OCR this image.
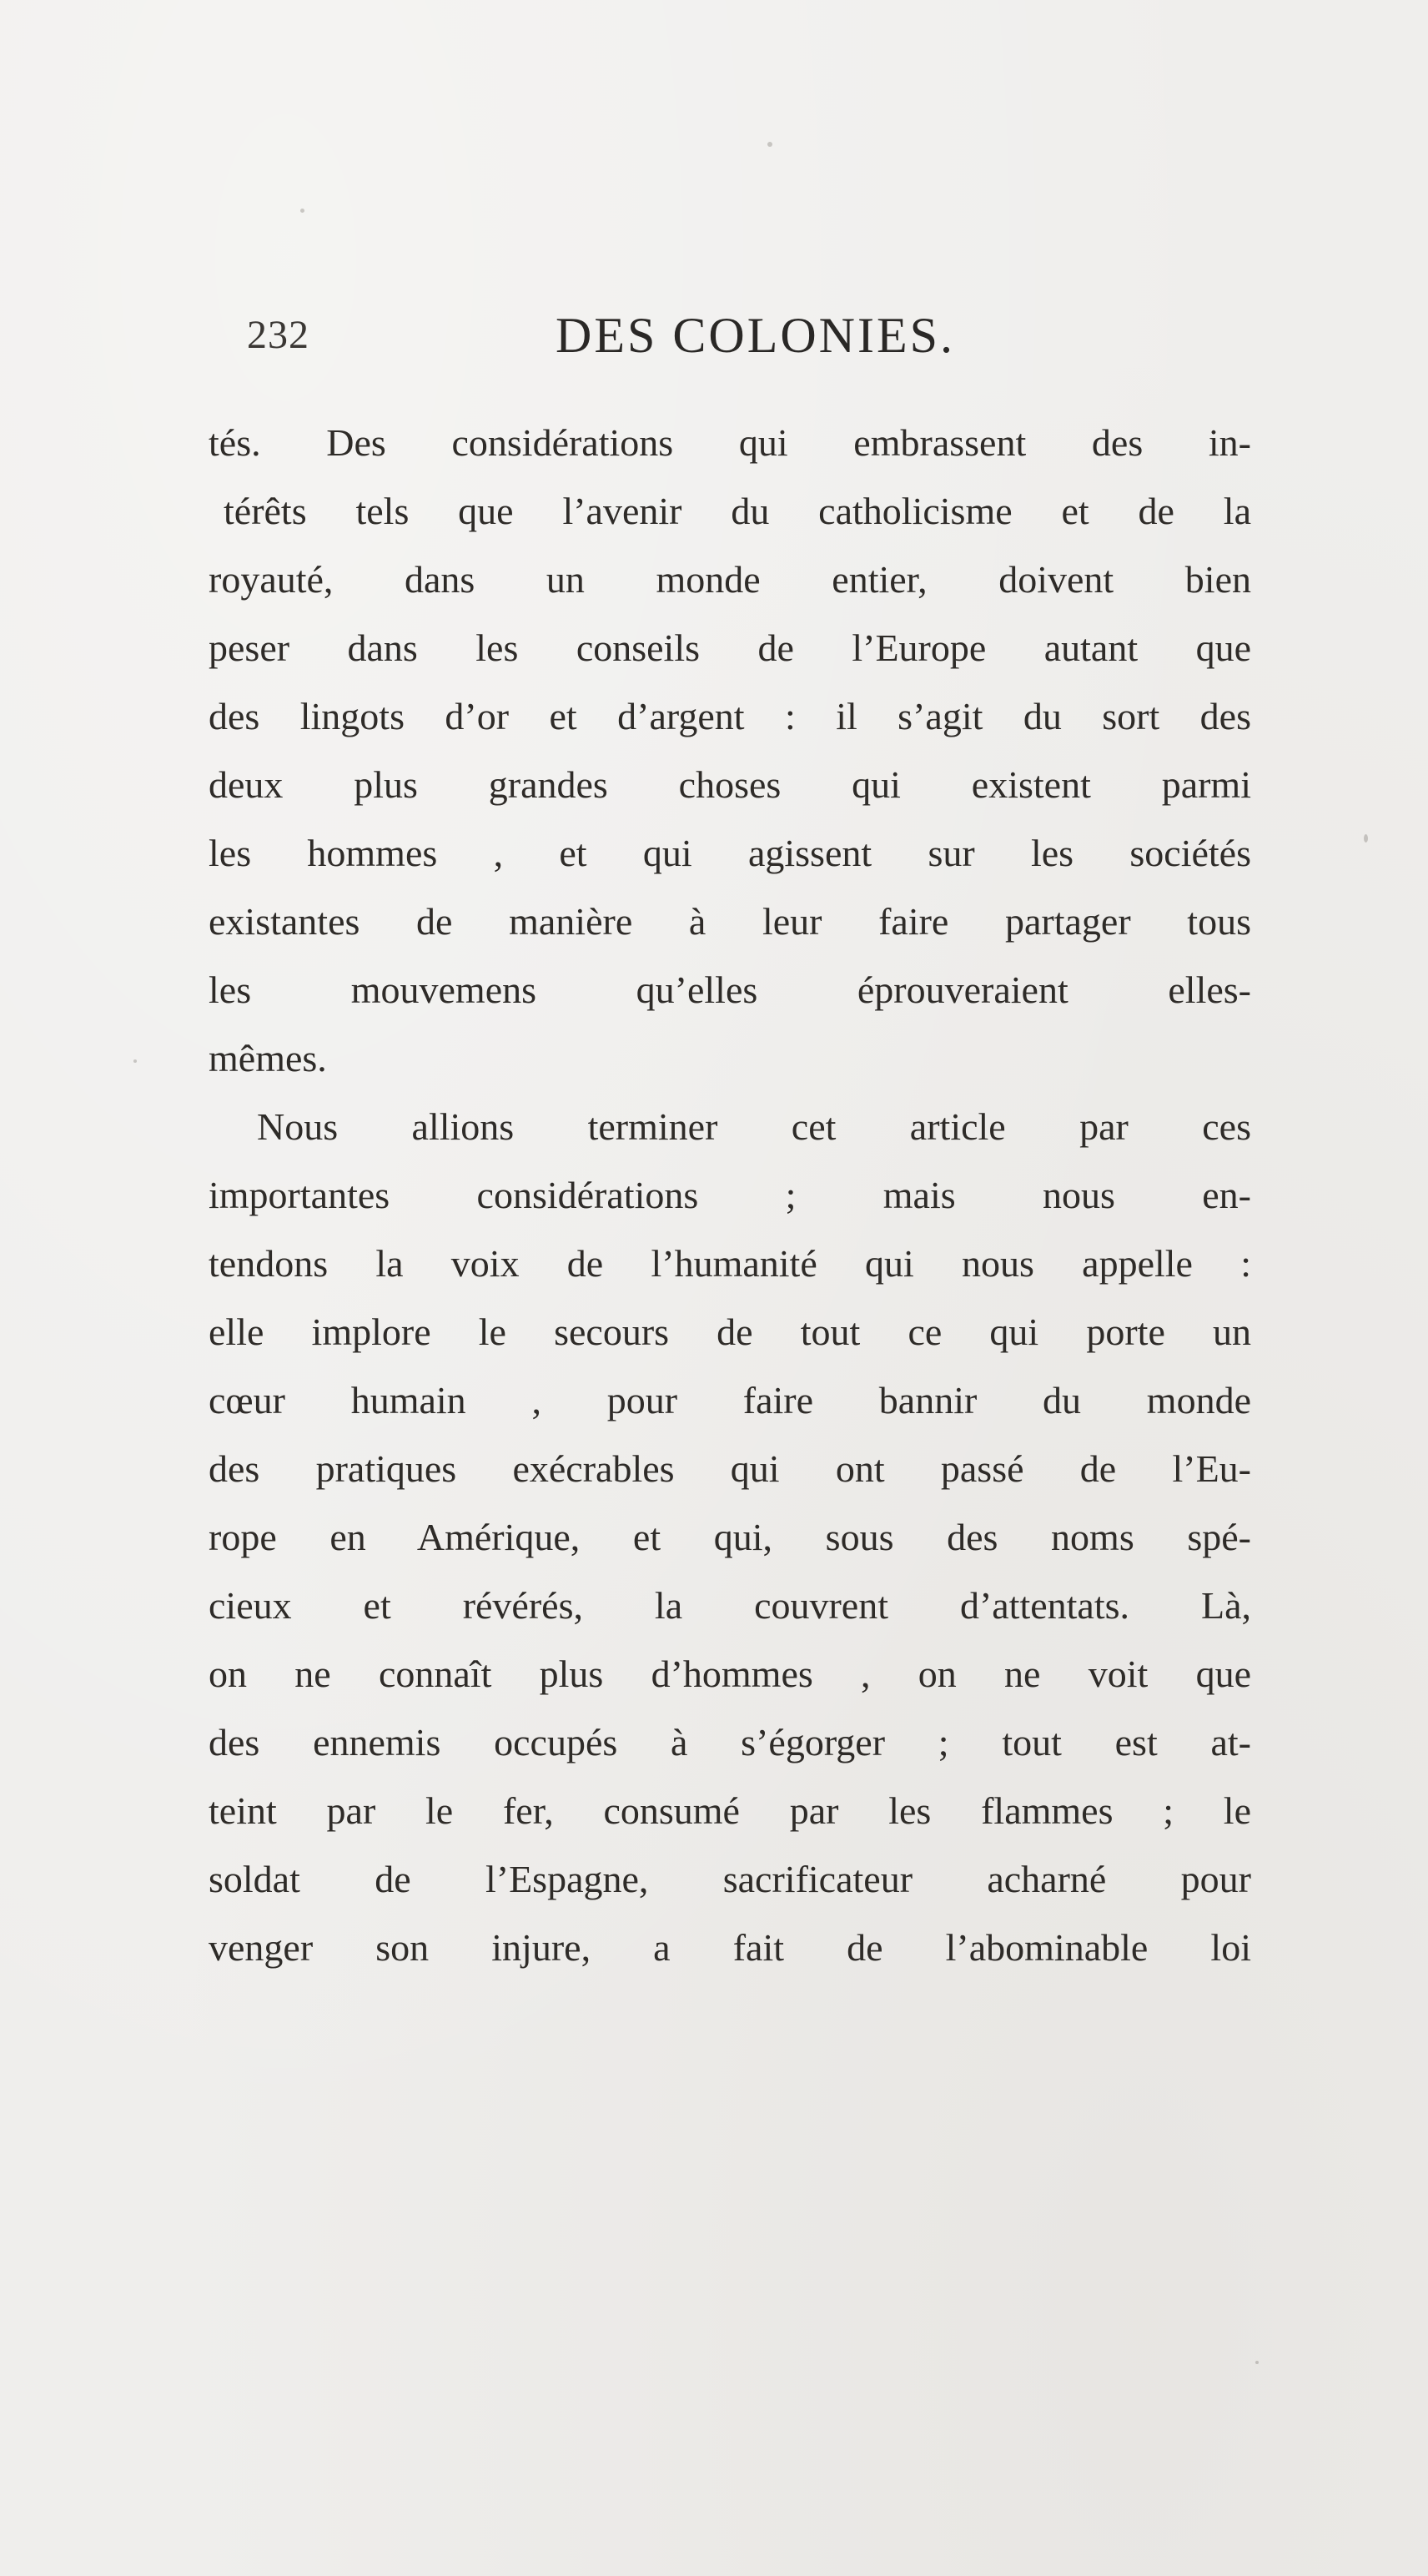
232	DES COLONIES.
tés. Des considérations qui embrassent des in-
térêts tels que l’avenir du catholicisme et de la
royauté, dans un monde entier, doivent bien
peser dans les conseils de l’Europe autant que
des lingots d’or et d’argent : il s’agit du sort des
deux plus grandes choses qui existent parmi
les hommes , et qui agissent sur les sociétés
existantes de manière à leur faire partager tous
les mouvemens qu’elles éprouveraient elles-
mêmes.
Nous allions terminer cet article par ces
importantes considérations ; mais nous en-
tendons la voix de l’humanité qui nous appelle :
elle implore le secours de tout ce qui porte un
cœur humain , pour faire bannir du monde
des pratiques exécrables qui ont passé de l’Eu-
rope en Amérique, et qui, sous des noms spé-
cieux et révérés, la couvrent d’attentats. Là,
on ne connaît plus d’hommes , on ne voit que
des ennemis occupés à s’égorger ; tout est at-
teint par le fer, consumé par les flammes ; le
soldat de l’Espagne, sacrificateur acharné pour
venger son injure, a fait de l’abominable loi
